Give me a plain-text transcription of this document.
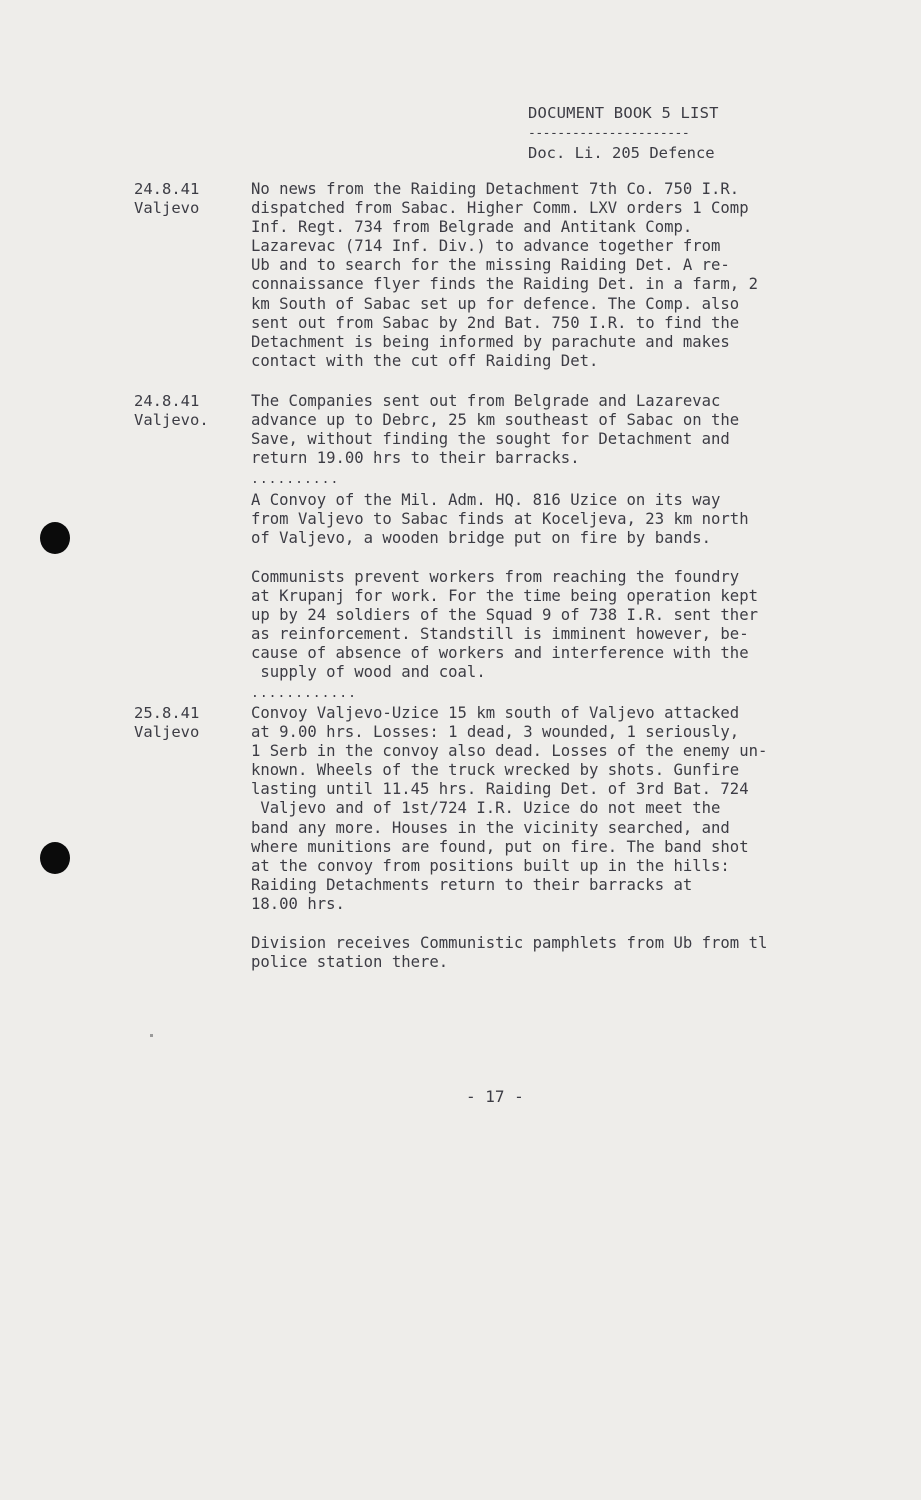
DOCUMENT BOOK 5 LIST
----------------------
Doc. Li. 205 Defence
24.8.41
Valjevo
No news from the Raiding Detachment 7th Co. 750 I.R.
dispatched from Sabac. Higher Comm. LXV orders 1 Comp
Inf. Regt. 734 from Belgrade and Antitank Comp.
Lazarevac (714 Inf. Div.) to advance together from
Ub and to search for the missing Raiding Det. A re-
connaissance flyer finds the Raiding Det. in a farm, 2
km South of Sabac set up for defence. The Comp. also
sent out from Sabac by 2nd Bat. 750 I.R. to find the
Detachment is being informed by parachute and makes
contact with the cut off Raiding Det.
24.8.41
Valjevo.
The Companies sent out from Belgrade and Lazarevac
advance up to Debrc, 25 km southeast of Sabac on the
Save, without finding the sought for Detachment and
return 19.00 hrs to their barracks.
..........
A Convoy of the Mil. Adm. HQ. 816 Uzice on its way
from Valjevo to Sabac finds at Koceljeva, 23 km north
of Valjevo, a wooden bridge put on fire by bands.
Communists prevent workers from reaching the foundry
at Krupanj for work. For the time being operation kept
up by 24 soldiers of the Squad 9 of 738 I.R. sent ther
as reinforcement. Standstill is imminent however, be-
cause of absence of workers and interference with the
supply of wood and coal.
............
25.8.41
Valjevo
Convoy Valjevo-Uzice 15 km south of Valjevo attacked
at 9.00 hrs. Losses: 1 dead, 3 wounded, 1 seriously,
1 Serb in the convoy also dead. Losses of the enemy un-
known. Wheels of the truck wrecked by shots. Gunfire
lasting until 11.45 hrs. Raiding Det. of 3rd Bat. 724
Valjevo and of 1st/724 I.R. Uzice do not meet the
band any more. Houses in the vicinity searched, and
where munitions are found, put on fire. The band shot
at the convoy from positions built up in the hills:
Raiding Detachments return to their barracks at
18.00 hrs.
Division receives Communistic pamphlets from Ub from tl
police station there.
- 17 -
